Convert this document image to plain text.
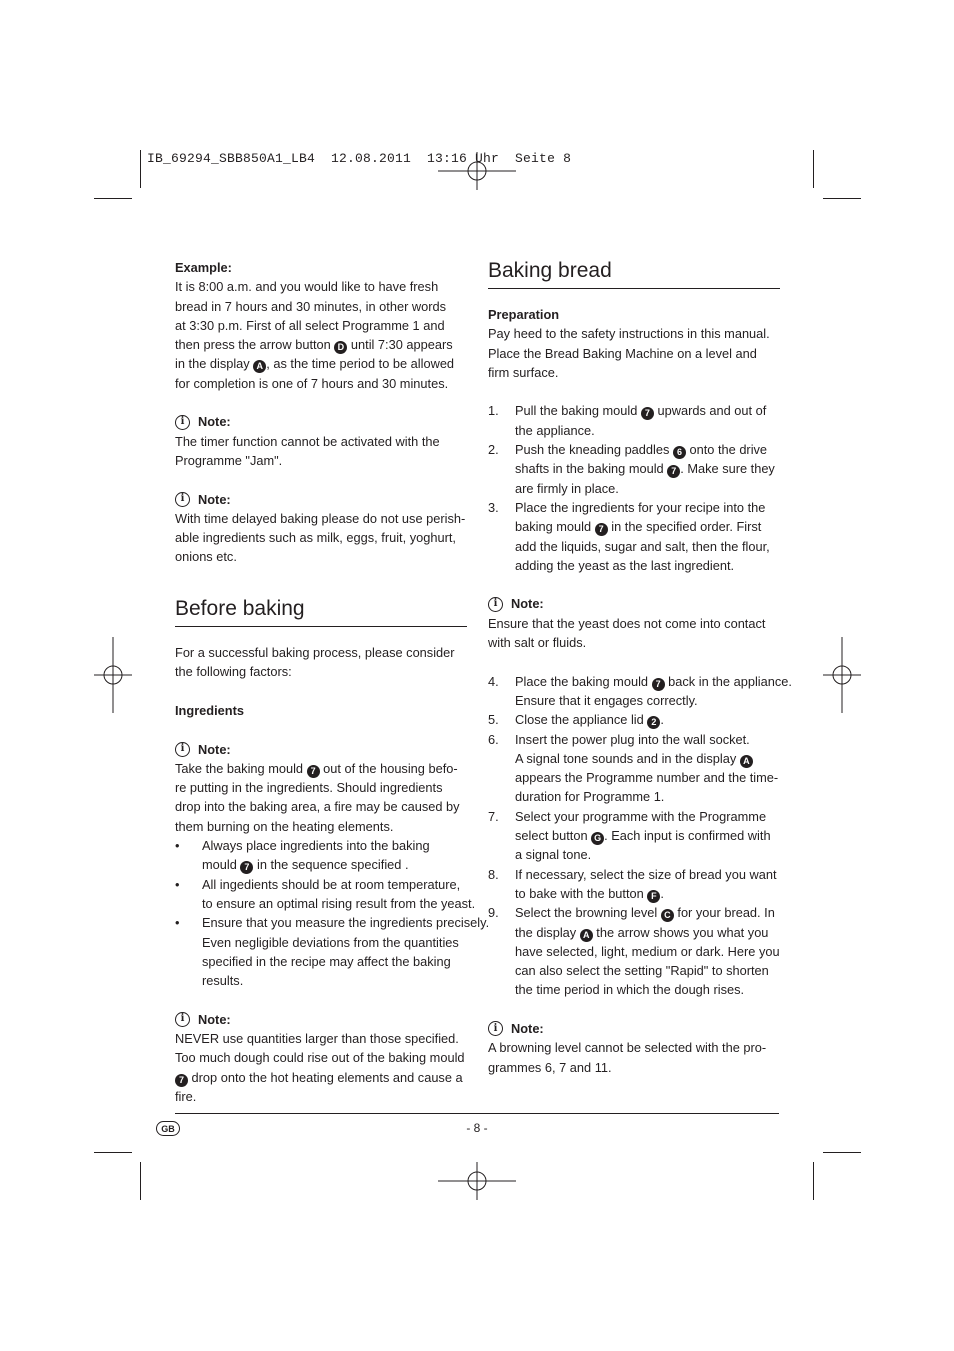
IB_69294_SBB850A1_LB4  12.08.2011  13:16 Uhr  Seite 8
Example:
It is 8:00 a.m. and you would like to have fresh
bread in 7 hours and 30 minutes, in other words
at 3:30 p.m. First of all select Programme 1 and
then press the arrow button D until 7:30 appears
in the display A , as the time period to be allowed
for completion is one of 7 hours and 30 minutes.
i	Note:
The timer function cannot be activated with the
Programme "Jam".
i	Note:
With time delayed baking please do not use perish-
able ingredients such as milk, eggs, fruit, yoghurt,
onions etc.
Before baking
For a successful baking process, please consider
the following factors:
Ingredients
i	Note:
Take the baking mould 7 out of the housing befo-
re putting in the ingredients. Should ingredients
drop into the baking area, a fire may be caused by
them burning on the heating elements.
•	Always place ingredients into the baking
mould 7 in the sequence specified .
•	All ingedients should be at room temperature,
to ensure an optimal rising result from the yeast.
•	Ensure that you measure the ingredients precisely.
Even negligible deviations from the quantities
specified in the recipe may affect the baking
results.
i	Note:
NEVER use quantities larger than those specified.
Too much dough could rise out of the baking mould
7 drop onto the hot heating elements and cause a
fire.
Baking bread
Preparation
Pay heed to the safety instructions in this manual.
Place the Bread Baking Machine on a level and
firm surface.
1.	Pull the baking mould 7 upwards and out of
the appliance.
2.	Push the kneading paddles 6 onto the drive
shafts in the baking mould 7 . Make sure they
are firmly in place.
3.	Place the ingredients for your recipe into the
baking mould 7 in the specified order. First
add the liquids, sugar and salt, then the flour,
adding the yeast as the last ingredient.
i	Note:
Ensure that the yeast does not come into contact
with salt or fluids.
4.	Place the baking mould 7 back in the appliance.
Ensure that it engages correctly.
5.	Close the appliance lid 2 .
6.	Insert the power plug into the wall socket.
A signal tone sounds and in the display A
appears the Programme number and the time-
duration for Programme 1.
7.	Select your programme with the Programme
select button G . Each input is confirmed with
a signal tone.
8.	If necessary, select the size of bread you want
to bake with the button F .
9.	Select the browning level C for your bread. In
the display A the arrow shows you what you
have selected, light, medium or dark. Here you
can also select the setting "Rapid" to shorten
the time period in which the dough rises.
i	Note:
A browning level cannot be selected with the pro-
grammes 6, 7 and 11.
GB	- 8 -
